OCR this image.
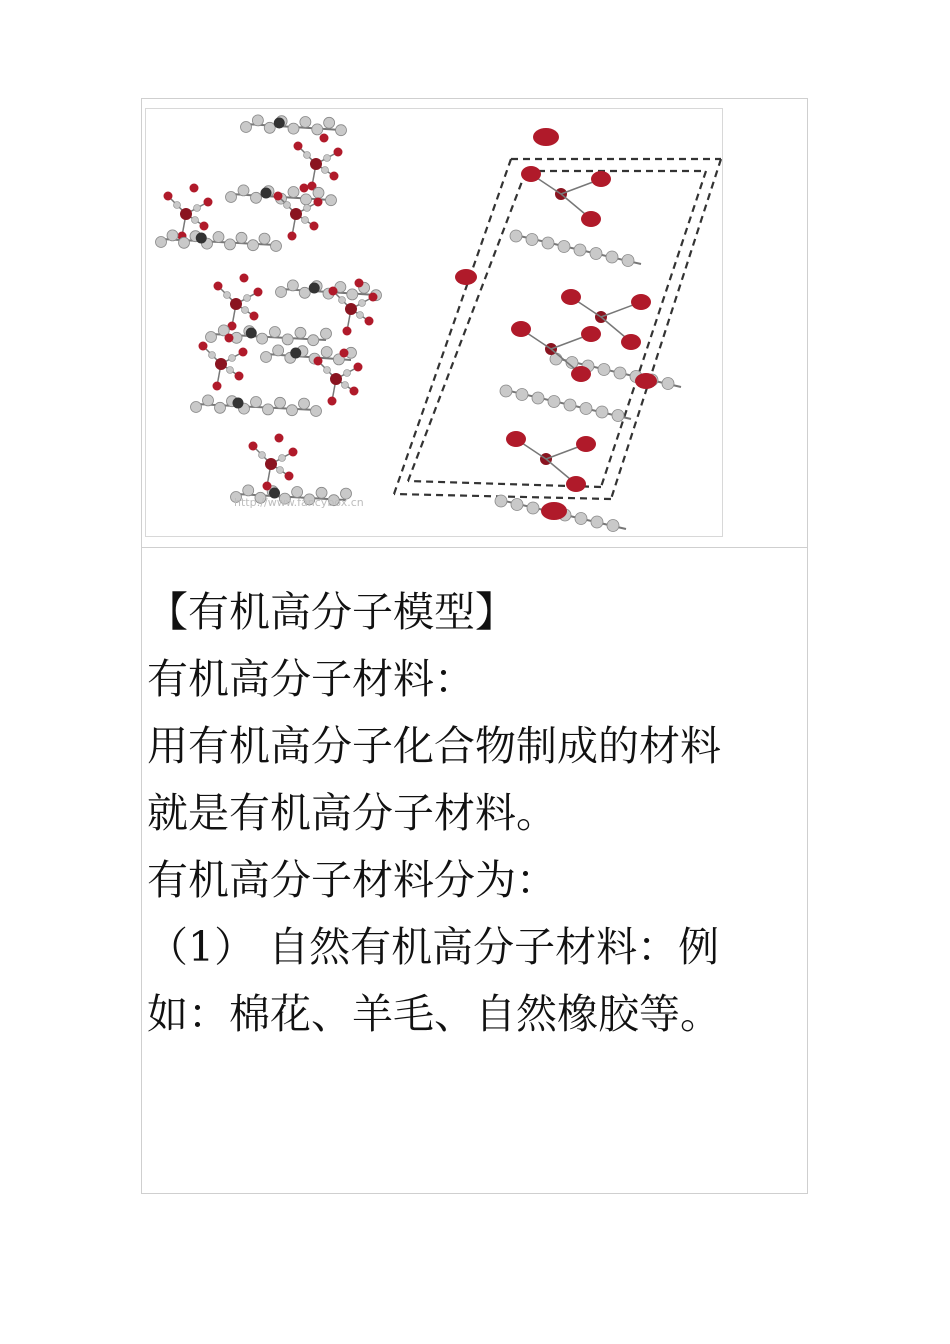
http://www.fancybox.cn
【有机高分子模型】
有机高分子材料：
用有机高分子化合物制成的材料
就是有机高分子材料。
有机高分子材料分为：
（1） 自然有机高分子材料：例
如：棉花、羊毛、自然橡胶等。
